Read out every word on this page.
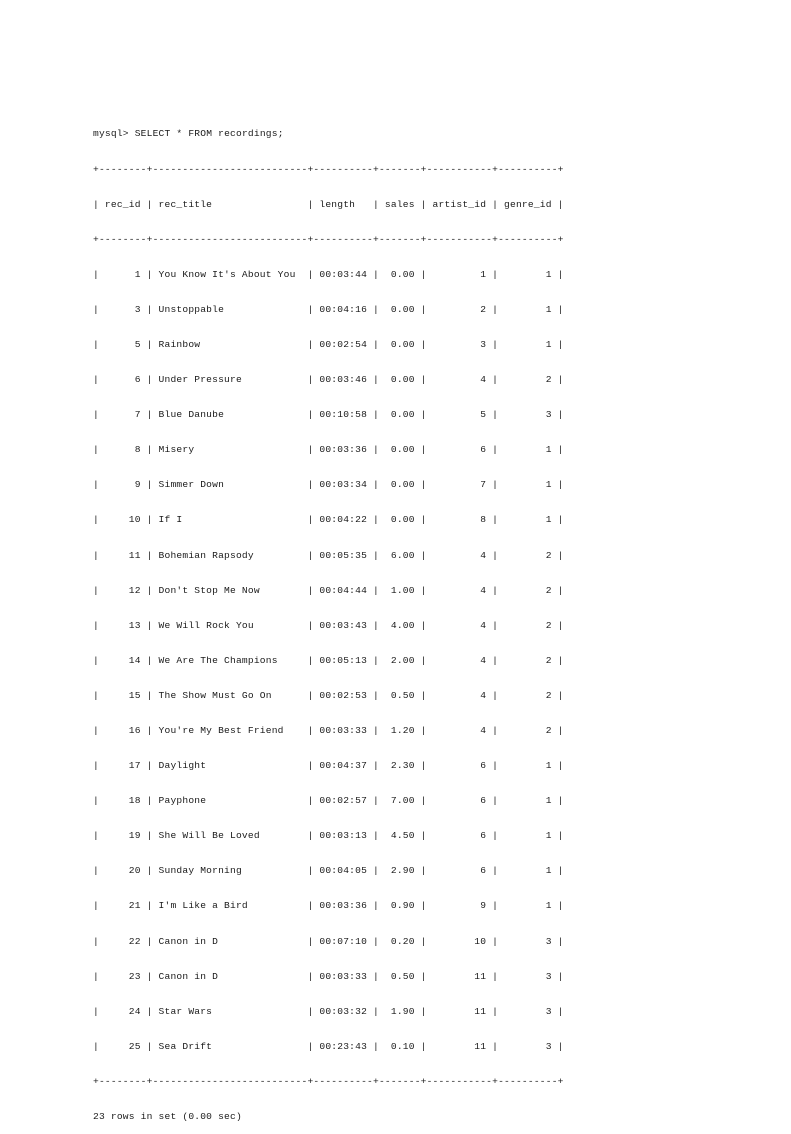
mysql> SELECT * FROM recordings;

+--------+--------------------------+----------+-------+-----------+----------+

| rec_id | rec_title                | length   | sales | artist_id | genre_id |

+--------+--------------------------+----------+-------+-----------+----------+

|      1 | You Know It's About You  | 00:03:44 |  0.00 |         1 |        1 |

|      3 | Unstoppable              | 00:04:16 |  0.00 |         2 |        1 |

|      5 | Rainbow                  | 00:02:54 |  0.00 |         3 |        1 |

|      6 | Under Pressure           | 00:03:46 |  0.00 |         4 |        2 |

|      7 | Blue Danube              | 00:10:58 |  0.00 |         5 |        3 |

|      8 | Misery                   | 00:03:36 |  0.00 |         6 |        1 |

|      9 | Simmer Down              | 00:03:34 |  0.00 |         7 |        1 |

|     10 | If I                     | 00:04:22 |  0.00 |         8 |        1 |

|     11 | Bohemian Rapsody         | 00:05:35 |  6.00 |         4 |        2 |

|     12 | Don't Stop Me Now        | 00:04:44 |  1.00 |         4 |        2 |

|     13 | We Will Rock You         | 00:03:43 |  4.00 |         4 |        2 |

|     14 | We Are The Champions     | 00:05:13 |  2.00 |         4 |        2 |

|     15 | The Show Must Go On      | 00:02:53 |  0.50 |         4 |        2 |

|     16 | You're My Best Friend    | 00:03:33 |  1.20 |         4 |        2 |

|     17 | Daylight                 | 00:04:37 |  2.30 |         6 |        1 |

|     18 | Payphone                 | 00:02:57 |  7.00 |         6 |        1 |

|     19 | She Will Be Loved        | 00:03:13 |  4.50 |         6 |        1 |

|     20 | Sunday Morning           | 00:04:05 |  2.90 |         6 |        1 |

|     21 | I'm Like a Bird          | 00:03:36 |  0.90 |         9 |        1 |

|     22 | Canon in D               | 00:07:10 |  0.20 |        10 |        3 |

|     23 | Canon in D               | 00:03:33 |  0.50 |        11 |        3 |

|     24 | Star Wars                | 00:03:32 |  1.90 |        11 |        3 |

|     25 | Sea Drift                | 00:23:43 |  0.10 |        11 |        3 |

+--------+--------------------------+----------+-------+-----------+----------+

23 rows in set (0.00 sec)
